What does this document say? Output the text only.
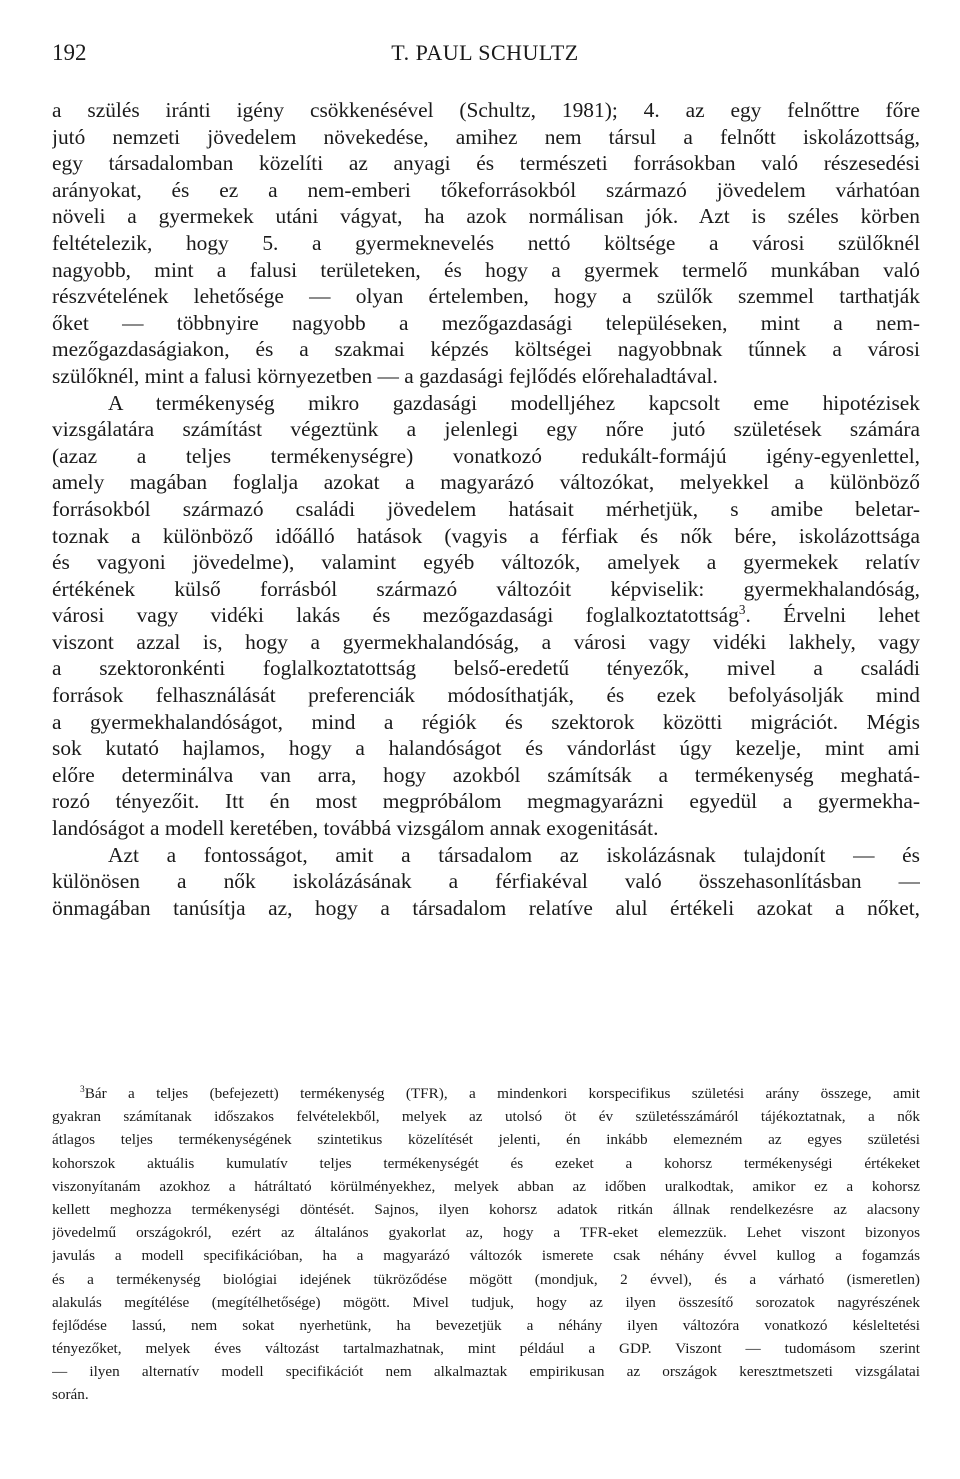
192	T. PAUL SCHULTZ
a szülés iránti igény csökkenésével (Schultz, 1981); 4. az egy felnőttre főre
jutó nemzeti jövedelem növekedése, amihez nem társul a felnőtt iskolázottság,
egy társadalomban közelíti az anyagi és természeti forrásokban való részesedési
arányokat, és ez a nem-emberi tőkeforrásokból származó jövedelem várhatóan
növeli a gyermekek utáni vágyat, ha azok normálisan jók. Azt is széles körben
feltételezik, hogy 5. a gyermeknevelés nettó költsége a városi szülőknél
nagyobb, mint a falusi területeken, és hogy a gyermek termelő munkában való
részvételének lehetősége — olyan értelemben, hogy a szülők szemmel tarthatják
őket — többnyire nagyobb a mezőgazdasági településeken, mint a nem-
mezőgazdaságiakon, és a szakmai képzés költségei nagyobbnak tűnnek a városi
szülőknél, mint a falusi környezetben — a gazdasági fejlődés előrehaladtával.
A termékenység mikro gazdasági modelljéhez kapcsolt eme hipotézisek
vizsgálatára számítást végeztünk a jelenlegi egy nőre jutó születések számára
(azaz a teljes termékenységre) vonatkozó redukált-formájú igény-egyenlettel,
amely magában foglalja azokat a magyarázó változókat, melyekkel a különböző
forrásokból származó családi jövedelem hatásait mérhetjük, s amibe beletar-
toznak a különböző időálló hatások (vagyis a férfiak és nők bére, iskolázottsága
és vagyoni jövedelme), valamint egyéb változók, amelyek a gyermekek relatív
értékének külső forrásból származó változóit képviselik: gyermekhalandóság,
városi vagy vidéki lakás és mezőgazdasági foglalkoztatottság$^3$. Érvelni lehet
viszont azzal is, hogy a gyermekhalandóság, a városi vagy vidéki lakhely, vagy
a szektoronkénti foglalkoztatottság belső-eredetű tényezők, mivel a családi
források felhasználását preferenciák módosíthatják, és ezek befolyásolják mind
a gyermekhalandóságot, mind a régiók és szektorok közötti migrációt. Mégis
sok kutató hajlamos, hogy a halandóságot és vándorlást úgy kezelje, mint ami
előre determinálva van arra, hogy azokból számítsák a termékenység meghatá-
rozó tényezőit. Itt én most megpróbálom megmagyarázni egyedül a gyermekha-
landóságot a modell keretében, továbbá vizsgálom annak exogenitását.
Azt a fontosságot, amit a társadalom az iskolázásnak tulajdonít — és
különösen a nők iskolázásának a férfiakéval való összehasonlításban —
önmagában tanúsítja az, hogy a társadalom relatíve alul értékeli azokat a nőket,
$^3$Bár a teljes (befejezett) termékenység (TFR), a mindenkori korspecifikus születési arány összege, amit
gyakran számítanak időszakos felvételekből, melyek az utolsó öt év születésszámáról tájékoztatnak, a nők
átlagos teljes termékenységének szintetikus közelítését jelenti, én inkább elemezném az egyes születési
kohorszok aktuális kumulatív teljes termékenységét és ezeket a kohorsz termékenységi értékeket
viszonyítanám azokhoz a hátráltató körülményekhez, melyek abban az időben uralkodtak, amikor ez a kohorsz
kellett meghozza termékenységi döntését. Sajnos, ilyen kohorsz adatok ritkán állnak rendelkezésre az alacsony
jövedelmű országokról, ezért az általános gyakorlat az, hogy a TFR-eket elemezzük. Lehet viszont bizonyos
javulás a modell specifikációban, ha a magyarázó változók ismerete csak néhány évvel kullog a fogamzás
és a termékenység biológiai idejének tükröződése mögött (mondjuk, 2 évvel), és a várható (ismeretlen)
alakulás megítélése (megítélhetősége) mögött. Mivel tudjuk, hogy az ilyen összesítő sorozatok nagyrészének
fejlődése lassú, nem sokat nyerhetünk, ha bevezetjük a néhány ilyen változóra vonatkozó késleltetési
tényezőket, melyek éves változást tartalmazhatnak, mint például a GDP. Viszont — tudomásom szerint
— ilyen alternatív modell specifikációt nem alkalmaztak empirikusan az országok keresztmetszeti vizsgálatai
során.
